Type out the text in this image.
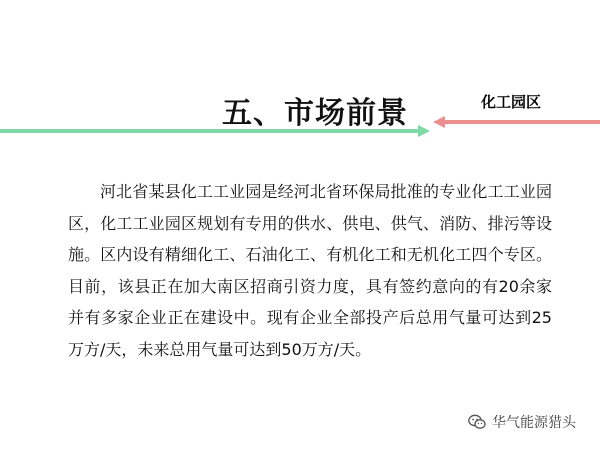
五、市场前景	化工园区

河北省某县化工工业园是经河北省环保局批准的专业化工工业园区，化工工业园区规划有专用的供水、供电、供气、消防、排污等设施。区内设有精细化工、石油化工、有机化工和无机化工四个专区。目前，该县正在加大南区招商引资力度，具有签约意向的有20余家并有多家企业正在建设中。现有企业全部投产后总用气量可达到25万方/天，未来总用气量可达到50万方/天。

华气能源猎头
